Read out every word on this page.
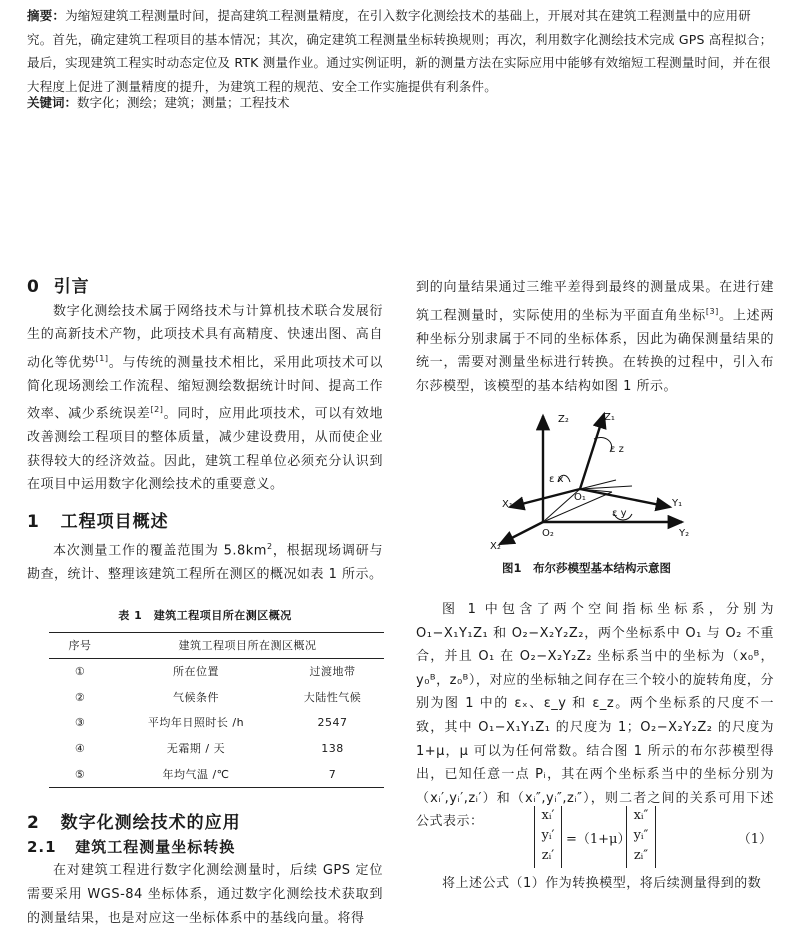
摘要：为缩短建筑工程测量时间，提高建筑工程测量精度，在引入数字化测绘技术的基础上，开展对其在建筑工程测量中的应用研究。首先，确定建筑工程项目的基本情况；其次，确定建筑工程测量坐标转换规则；再次，利用数字化测绘技术完成 GPS 高程拟合；最后，实现建筑工程实时动态定位及 RTK 测量作业。通过实例证明，新的测量方法在实际应用中能够有效缩短工程测量时间，并在很大程度上促进了测量精度的提升，为建筑工程的规范、安全工作实施提供有利条件。
关键词：数字化；测绘；建筑；测量；工程技术
0 引言
数字化测绘技术属于网络技术与计算机技术联合发展衍生的高新技术产物，此项技术具有高精度、快速出图、高自动化等优势[1]。与传统的测量技术相比，采用此项技术可以简化现场测绘工作流程、缩短测绘数据统计时间、提高工作效率、减少系统误差[2]。同时，应用此项技术，可以有效地改善测绘工程项目的整体质量，减少建设费用，从而使企业获得较大的经济效益。因此，建筑工程单位必须充分认识到在项目中运用数字化测绘技术的重要意义。
1 工程项目概述
本次测量工作的覆盖范围为 $5.8km^2$，根据现场调研与勘查，统计、整理该建筑工程所在测区的概况如表 1 所示。
表 1　建筑工程项目所在测区概况
序号	建筑工程项目所在测区概况	
①	所在位置	过渡地带
②	气候条件	大陆性气候
③	平均年日照时长 /h	2547
④	无霜期 / 天	138
⑤	年均气温 /℃	7
2 数字化测绘技术的应用
2.1 建筑工程测量坐标转换
在对建筑工程进行数字化测绘测量时，后续 GPS 定位需要采用 WGS-84 坐标体系，通过数字化测绘技术获取到的测量结果，也是对应这一坐标体系中的基线向量。将得
到的向量结果通过三维平差得到最终的测量成果。在进行建筑工程测量时，实际使用的坐标为平面直角坐标[3]。上述两种坐标分别隶属于不同的坐标体系，因此为确保测量结果的统一，需要对测量坐标进行转换。在转换的过程中，引入布尔莎模型，该模型的基本结构如图 1 所示。
Z₂	Z₁
ε z
ε x
ε y
X₁
X₂
Y₁
Y₂
O₁
O₂
图1　布尔莎模型基本结构示意图
图 1 中包含了两个空间指标坐标系，分别为 O₁−X₁Y₁Z₁ 和 O₂−X₂Y₂Z₂，两个坐标系中 O₁ 与 O₂ 不重合，并且 O₁ 在 O₂−X₂Y₂Z₂ 坐标系当中的坐标为（x₀ᴮ，y₀ᴮ，z₀ᴮ），对应的坐标轴之间存在三个较小的旋转角度，分别为图 1 中的 εₓ、ε_y 和 ε_z。两个坐标系的尺度不一致，其中 O₁−X₁Y₁Z₁ 的尺度为 1；O₂−X₂Y₂Z₂ 的尺度为 1+μ，μ 可以为任何常数。结合图 1 所示的布尔莎模型得出，已知任意一点 Pᵢ，其在两个坐标系当中的坐标分别为（xᵢ′,yᵢ′,zᵢ′）和（xᵢ″,yᵢ″,zᵢ″），则二者之间的关系可用下述公式表示：	xᵢ′
yᵢ′
zᵢ′
=（1+μ）
xᵢ″
yᵢ″
zᵢ″
（1）
将上述公式（1）作为转换模型，将后续测量得到的数
